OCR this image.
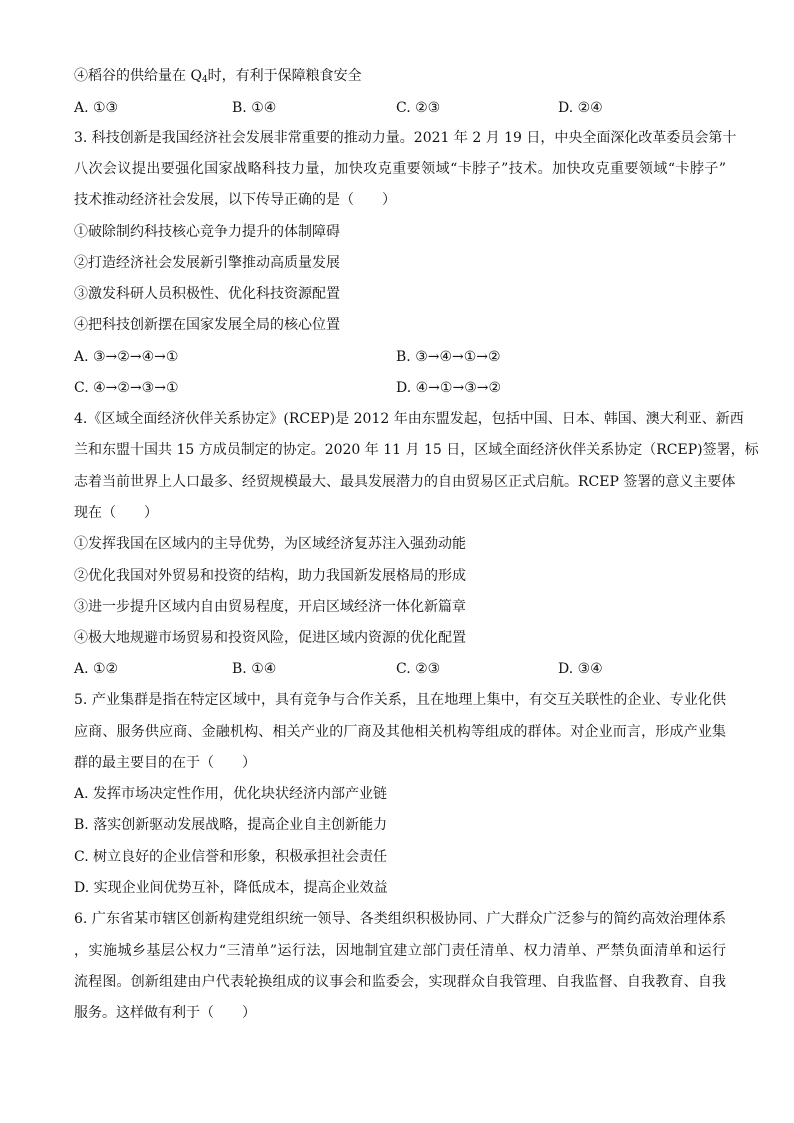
④稻谷的供给量在 $Q_4$时，有利于保障粮食安全
A. ①③	B. ①④	C. ②③	D. ②④
3. 科技创新是我国经济社会发展非常重要的推动力量。2021 年 2 月 19 日，中央全面深化改革委员会第十
八次会议提出要强化国家战略科技力量，加快攻克重要领域“卡脖子”技术。加快攻克重要领域“卡脖子”
技术推动经济社会发展，以下传导正确的是（　　）
①破除制约科技核心竞争力提升的体制障碍
②打造经济社会发展新引擎推动高质量发展
③激发科研人员积极性、优化科技资源配置
④把科技创新摆在国家发展全局的核心位置
A. ③→②→④→①	B. ③→④→①→②
C. ④→②→③→①	D. ④→①→③→②
4.《区域全面经济伙伴关系协定》(RCEP)是 2012 年由东盟发起，包括中国、日本、韩国、澳大利亚、新西
兰和东盟十国共 15 方成员制定的协定。2020 年 11 月 15 日，区域全面经济伙伴关系协定（RCEP)签署，标
志着当前世界上人口最多、经贸规模最大、最具发展潜力的自由贸易区正式启航。RCEP 签署的意义主要体
现在（　　）
①发挥我国在区域内的主导优势，为区域经济复苏注入强劲动能
②优化我国对外贸易和投资的结构，助力我国新发展格局的形成
③进一步提升区域内自由贸易程度，开启区域经济一体化新篇章
④极大地规避市场贸易和投资风险，促进区域内资源的优化配置
A. ①②	B. ①④	C. ②③	D. ③④
5. 产业集群是指在特定区域中，具有竞争与合作关系，且在地理上集中，有交互关联性的企业、专业化供
应商、服务供应商、金融机构、相关产业的厂商及其他相关机构等组成的群体。对企业而言，形成产业集
群的最主要目的在于（　　）
A. 发挥市场决定性作用，优化块状经济内部产业链
B. 落实创新驱动发展战略，提高企业自主创新能力
C. 树立良好的企业信誉和形象，积极承担社会责任
D. 实现企业间优势互补，降低成本，提高企业效益
6. 广东省某市辖区创新构建党组织统一领导、各类组织积极协同、广大群众广泛参与的简约高效治理体系
，实施城乡基层公权力“三清单”运行法，因地制宜建立部门责任清单、权力清单、严禁负面清单和运行
流程图。创新组建由户代表轮换组成的议事会和监委会，实现群众自我管理、自我监督、自我教育、自我
服务。这样做有利于（　　）
